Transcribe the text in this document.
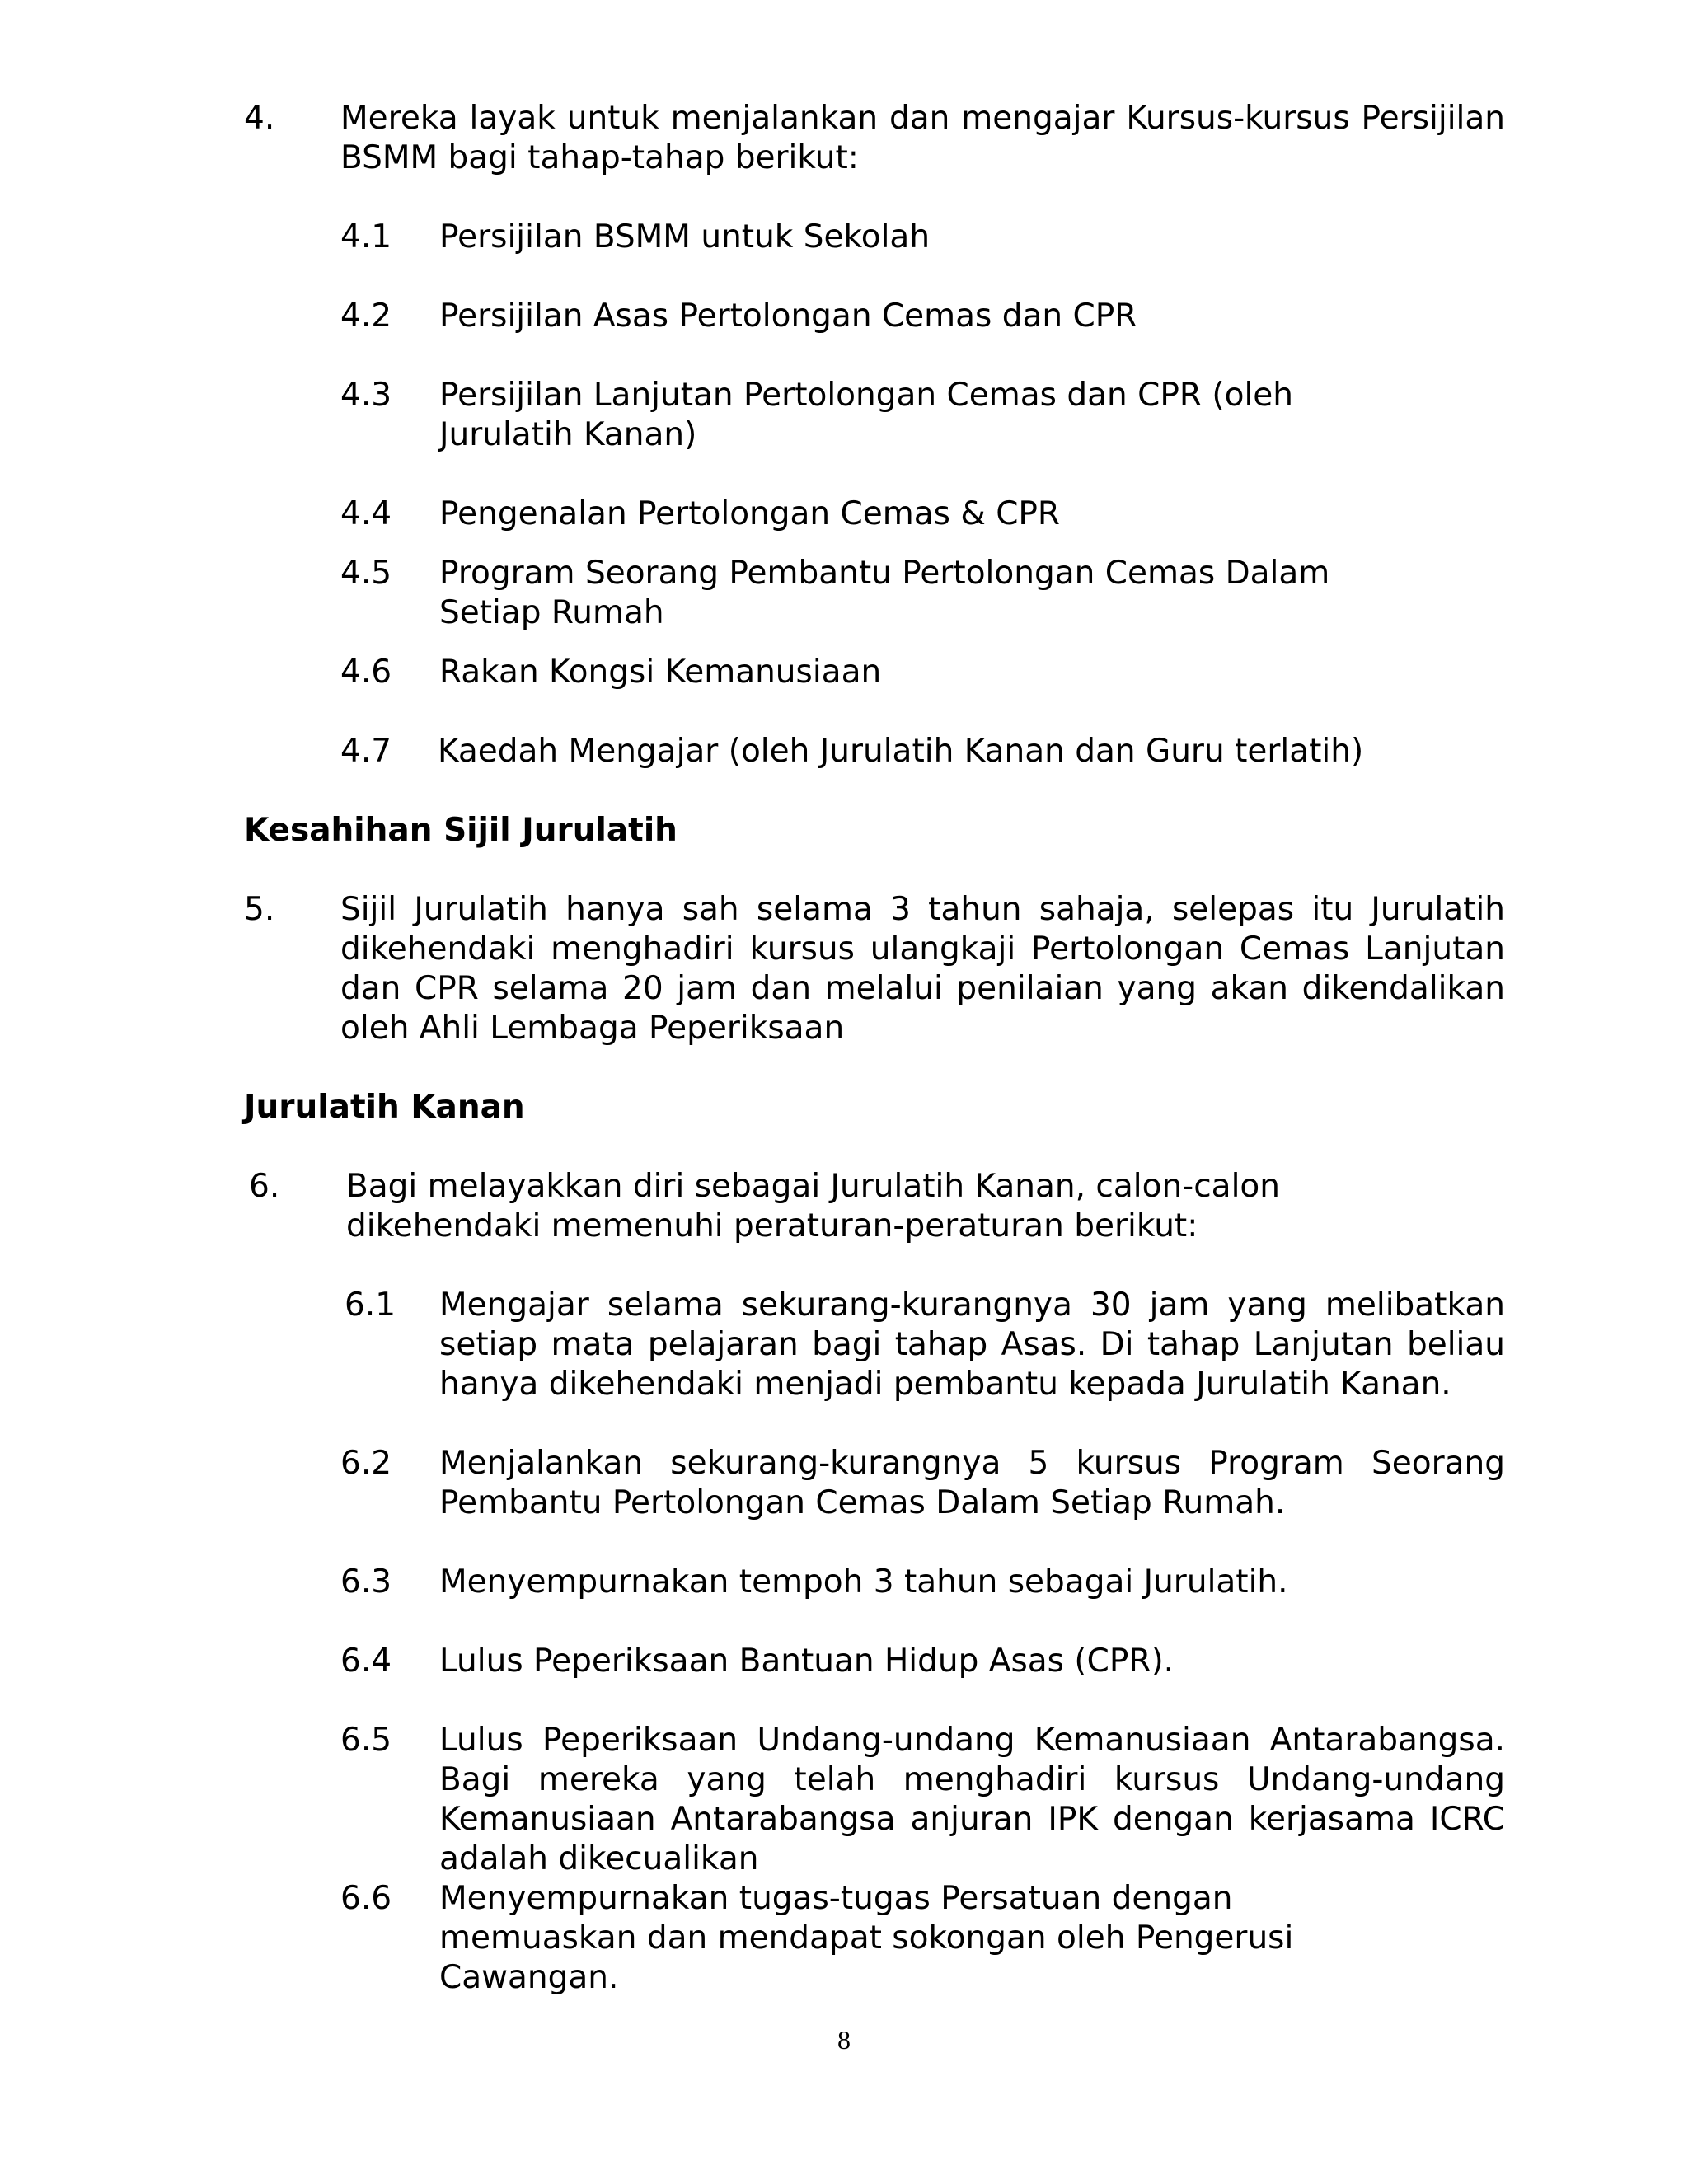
4. Mereka layak untuk menjalankan dan mengajar Kursus-kursus Persijilan BSMM bagi tahap-tahap berikut:
4.1 Persijilan BSMM untuk Sekolah
4.2 Persijilan Asas Pertolongan Cemas dan CPR
4.3 Persijilan Lanjutan Pertolongan Cemas dan CPR (oleh Jurulatih Kanan)
4.4 Pengenalan Pertolongan Cemas & CPR
4.5 Program Seorang Pembantu Pertolongan Cemas Dalam Setiap Rumah
4.6 Rakan Kongsi Kemanusiaan
4.7 Kaedah Mengajar (oleh Jurulatih Kanan dan Guru terlatih)
Kesahihan Sijil Jurulatih
5. Sijil Jurulatih hanya sah selama 3 tahun sahaja, selepas itu Jurulatih dikehendaki menghadiri kursus ulangkaji Pertolongan Cemas Lanjutan dan CPR selama 20 jam dan melalui penilaian yang akan dikendalikan oleh Ahli Lembaga Peperiksaan
Jurulatih Kanan
6. Bagi melayakkan diri sebagai Jurulatih Kanan, calon-calon dikehendaki memenuhi peraturan-peraturan berikut:
6.1 Mengajar selama sekurang-kurangnya 30 jam yang melibatkan setiap mata pelajaran bagi tahap Asas. Di tahap Lanjutan beliau hanya dikehendaki menjadi pembantu kepada Jurulatih Kanan.
6.2 Menjalankan sekurang-kurangnya 5 kursus Program Seorang Pembantu Pertolongan Cemas Dalam Setiap Rumah.
6.3 Menyempurnakan tempoh 3 tahun sebagai Jurulatih.
6.4 Lulus Peperiksaan Bantuan Hidup Asas (CPR).
6.5 Lulus Peperiksaan Undang-undang Kemanusiaan Antarabangsa. Bagi mereka yang telah menghadiri kursus Undang-undang Kemanusiaan Antarabangsa anjuran IPK dengan kerjasama ICRC adalah dikecualikan
6.6 Menyempurnakan tugas-tugas Persatuan dengan memuaskan dan mendapat sokongan oleh Pengerusi Cawangan.
8
